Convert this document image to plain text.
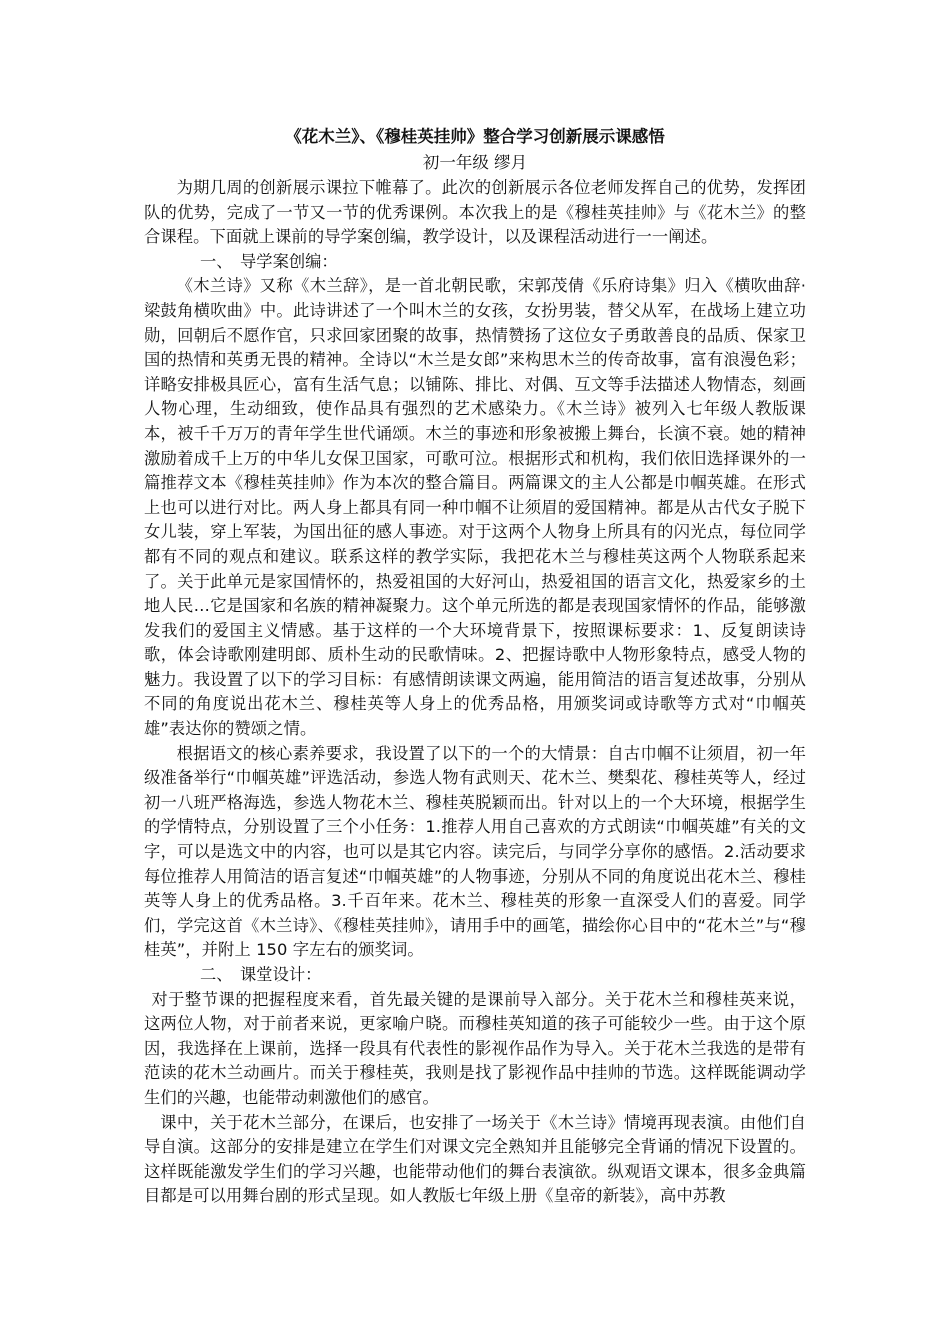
《花木兰》、《穆桂英挂帅》整合学习创新展示课感悟
初一年级 缪月

为期几周的创新展示课拉下帷幕了。此次的创新展示各位老师发挥自己的优势，发挥团队的优势，完成了一节又一节的优秀课例。本次我上的是《穆桂英挂帅》与《花木兰》的整合课程。下面就上课前的导学案创编，教学设计，以及课程活动进行一一阐述。

一、 导学案创编：

《木兰诗》又称《木兰辞》，是一首北朝民歌，宋郭茂倩《乐府诗集》归入《横吹曲辞·梁鼓角横吹曲》中。此诗讲述了一个叫木兰的女孩，女扮男装，替父从军，在战场上建立功勋，回朝后不愿作官，只求回家团聚的故事，热情赞扬了这位女子勇敢善良的品质、保家卫国的热情和英勇无畏的精神。全诗以“木兰是女郎”来构思木兰的传奇故事，富有浪漫色彩；详略安排极具匠心，富有生活气息；以铺陈、排比、对偶、互文等手法描述人物情态，刻画人物心理，生动细致，使作品具有强烈的艺术感染力。《木兰诗》被列入七年级人教版课本，被千千万万的青年学生世代诵颂。木兰的事迹和形象被搬上舞台，长演不衰。她的精神激励着成千上万的中华儿女保卫国家，可歌可泣。根据形式和机构，我们依旧选择课外的一篇推荐文本《穆桂英挂帅》作为本次的整合篇目。两篇课文的主人公都是巾帼英雄。在形式上也可以进行对比。两人身上都具有同一种巾帼不让须眉的爱国精神。都是从古代女子脱下女儿装，穿上军装，为国出征的感人事迹。对于这两个人物身上所具有的闪光点，每位同学都有不同的观点和建议。联系这样的教学实际，我把花木兰与穆桂英这两个人物联系起来了。关于此单元是家国情怀的，热爱祖国的大好河山，热爱祖国的语言文化，热爱家乡的土地人民…它是国家和名族的精神凝聚力。这个单元所选的都是表现国家情怀的作品，能够激发我们的爱国主义情感。基于这样的一个大环境背景下，按照课标要求：1、反复朗读诗歌，体会诗歌刚建明郎、质朴生动的民歌情味。2、把握诗歌中人物形象特点，感受人物的魅力。我设置了以下的学习目标：有感情朗读课文两遍，能用简洁的语言复述故事，分别从不同的角度说出花木兰、穆桂英等人身上的优秀品格，用颁奖词或诗歌等方式对“巾帼英雄”表达你的赞颂之情。

根据语文的核心素养要求，我设置了以下的一个的大情景：自古巾帼不让须眉，初一年级准备举行“巾帼英雄”评选活动，参选人物有武则天、花木兰、樊梨花、穆桂英等人，经过初一八班严格海选，参选人物花木兰、穆桂英脱颖而出。针对以上的一个大环境，根据学生的学情特点，分别设置了三个小任务：1.推荐人用自己喜欢的方式朗读“巾帼英雄”有关的文字，可以是选文中的内容，也可以是其它内容。读完后，与同学分享你的感悟。2.活动要求每位推荐人用简洁的语言复述“巾帼英雄”的人物事迹，分别从不同的角度说出花木兰、穆桂英等人身上的优秀品格。3.千百年来。花木兰、穆桂英的形象一直深受人们的喜爱。同学们，学完这首《木兰诗》、《穆桂英挂帅》，请用手中的画笔，描绘你心目中的“花木兰”与“穆桂英”，并附上 150 字左右的颁奖词。

二、 课堂设计：

对于整节课的把握程度来看，首先最关键的是课前导入部分。关于花木兰和穆桂英来说，这两位人物，对于前者来说，更家喻户晓。而穆桂英知道的孩子可能较少一些。由于这个原因，我选择在上课前，选择一段具有代表性的影视作品作为导入。关于花木兰我选的是带有范读的花木兰动画片。而关于穆桂英，我则是找了影视作品中挂帅的节选。这样既能调动学生们的兴趣，也能带动刺激他们的感官。

课中，关于花木兰部分，在课后，也安排了一场关于《木兰诗》情境再现表演。由他们自导自演。这部分的安排是建立在学生们对课文完全熟知并且能够完全背诵的情况下设置的。这样既能激发学生们的学习兴趣，也能带动他们的舞台表演欲。纵观语文课本，很多金典篇目都是可以用舞台剧的形式呈现。如人教版七年级上册《皇帝的新装》，高中苏教
